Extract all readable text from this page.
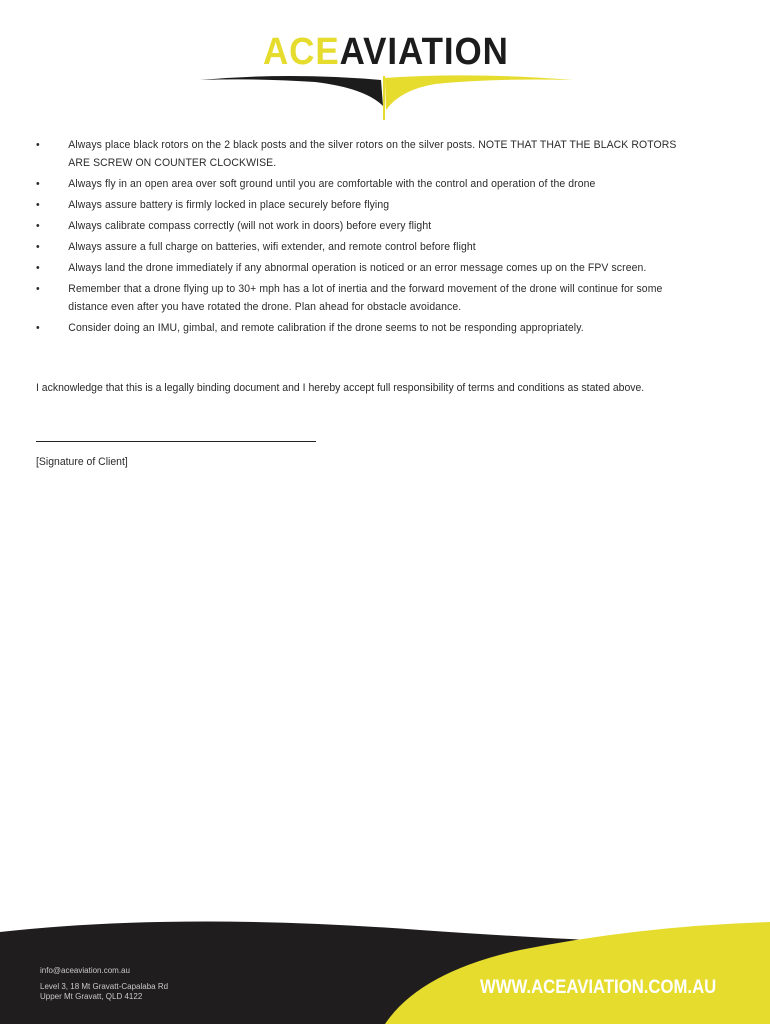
ACEAVIATION
•	Always place black rotors on the 2 black posts and the silver rotors on the silver posts. NOTE THAT THAT THE BLACK ROTORS ARE SCREW ON COUNTER CLOCKWISE.
•	Always fly in an open area over soft ground until you are comfortable with the control and operation of the drone
•	Always assure battery is firmly locked in place securely before flying
•	Always calibrate compass correctly (will not work in doors) before every flight
•	Always assure a full charge on batteries, wifi extender, and remote control before flight
•	Always land the drone immediately if any abnormal operation is noticed or an error message comes up on the FPV screen.
•	Remember that a drone flying up to 30+ mph has a lot of inertia and the forward movement of the drone will continue for some distance even after you have rotated the drone. Plan ahead for obstacle avoidance.
•	Consider doing an IMU, gimbal, and remote calibration if the drone seems to not be responding appropriately.
I acknowledge that this is a legally binding document and I hereby accept full responsibility of terms and conditions as stated above.
[Signature of Client]
info@aceaviation.com.au
Level 3, 18 Mt Gravatt-Capalaba Rd
Upper Mt Gravatt, QLD 4122	WWW.ACEAVIATION.COM.AU
